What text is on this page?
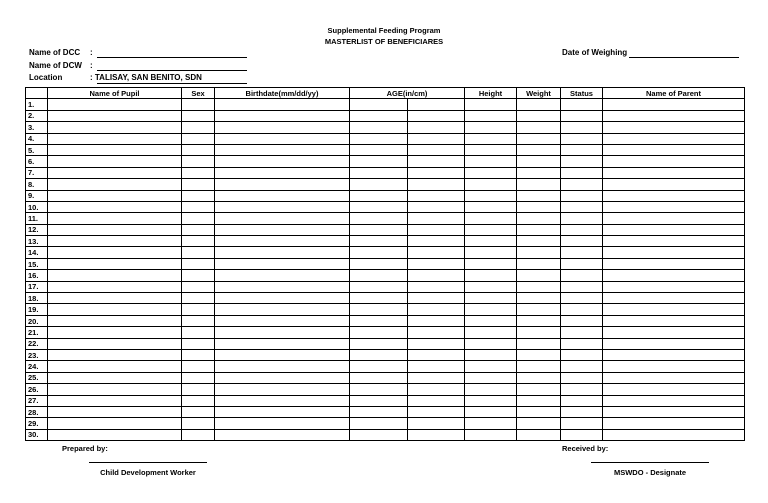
Supplemental Feeding Program
MASTERLIST OF BENEFICIARES
Name of DCC :
Name of DCW :
Location	: TALISAY, SAN BENITO, SDN
Date of Weighing
	Name of Pupil	Sex	Birthdate(mm/dd/yy)	AGE(in/cm)		Height	Weight	Status	Name of Parent
1.									
2.									
3.									
4.									
5.									
6.									
7.									
8.									
9.									
10.									
11.									
12.									
13.									
14.									
15.									
16.									
17.									
18.									
19.									
20.									
21.									
22.									
23.									
24.									
25.									
26.									
27.									
28.									
29.									
30.									
Prepared by:	Received by:
Child Development Worker	MSWDO - Designate
